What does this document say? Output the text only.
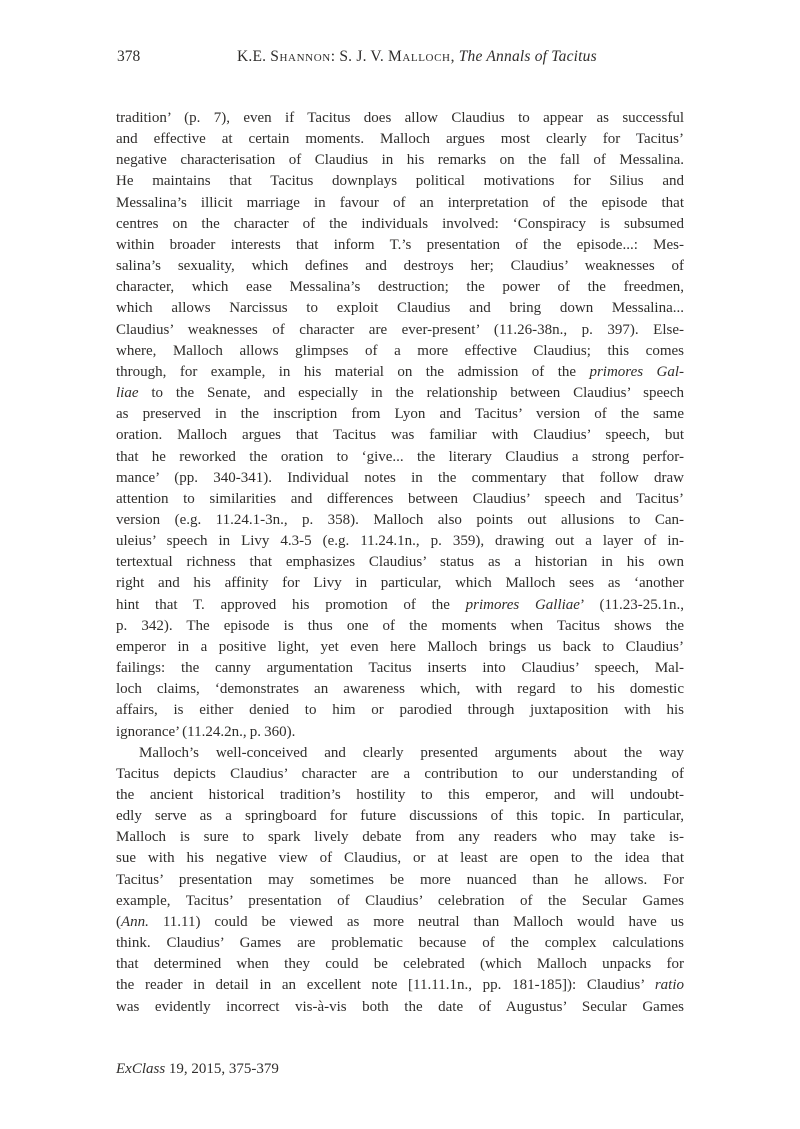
378	K.E. Shannon: S. J. V. Malloch, The Annals of Tacitus
tradition’ (p. 7), even if Tacitus does allow Claudius to appear as successful
and effective at certain moments. Malloch argues most clearly for Tacitus’
negative characterisation of Claudius in his remarks on the fall of Messalina.
He maintains that Tacitus downplays political motivations for Silius and
Messalina’s illicit marriage in favour of an interpretation of the episode that
centres on the character of the individuals involved: ‘Conspiracy is subsumed
within broader interests that inform T.’s presentation of the episode...: Mes-
salina’s sexuality, which defines and destroys her; Claudius’ weaknesses of
character, which ease Messalina’s destruction; the power of the freedmen,
which allows Narcissus to exploit Claudius and bring down Messalina...
Claudius’ weaknesses of character are ever-present’ (11.26-38n., p. 397). Else-
where, Malloch allows glimpses of a more effective Claudius; this comes
through, for example, in his material on the admission of the primores Gal-
liae to the Senate, and especially in the relationship between Claudius’ speech
as preserved in the inscription from Lyon and Tacitus’ version of the same
oration. Malloch argues that Tacitus was familiar with Claudius’ speech, but
that he reworked the oration to ‘give... the literary Claudius a strong perfor-
mance’ (pp. 340-341). Individual notes in the commentary that follow draw
attention to similarities and differences between Claudius’ speech and Tacitus’
version (e.g. 11.24.1-3n., p. 358). Malloch also points out allusions to Can-
uleius’ speech in Livy 4.3-5 (e.g. 11.24.1n., p. 359), drawing out a layer of in-
tertextual richness that emphasizes Claudius’ status as a historian in his own
right and his affinity for Livy in particular, which Malloch sees as ‘another
hint that T. approved his promotion of the primores Galliae’ (11.23-25.1n.,
p. 342). The episode is thus one of the moments when Tacitus shows the
emperor in a positive light, yet even here Malloch brings us back to Claudius’
failings: the canny argumentation Tacitus inserts into Claudius’ speech, Mal-
loch claims, ‘demonstrates an awareness which, with regard to his domestic
affairs, is either denied to him or parodied through juxtaposition with his
ignorance’ (11.24.2n., p. 360).
Malloch’s well-conceived and clearly presented arguments about the way
Tacitus depicts Claudius’ character are a contribution to our understanding of
the ancient historical tradition’s hostility to this emperor, and will undoubt-
edly serve as a springboard for future discussions of this topic. In particular,
Malloch is sure to spark lively debate from any readers who may take is-
sue with his negative view of Claudius, or at least are open to the idea that
Tacitus’ presentation may sometimes be more nuanced than he allows. For
example, Tacitus’ presentation of Claudius’ celebration of the Secular Games
(Ann. 11.11) could be viewed as more neutral than Malloch would have us
think. Claudius’ Games are problematic because of the complex calculations
that determined when they could be celebrated (which Malloch unpacks for
the reader in detail in an excellent note [11.11.1n., pp. 181-185]): Claudius’ ratio
was evidently incorrect vis-à-vis both the date of Augustus’ Secular Games
ExClass 19, 2015, 375-379
